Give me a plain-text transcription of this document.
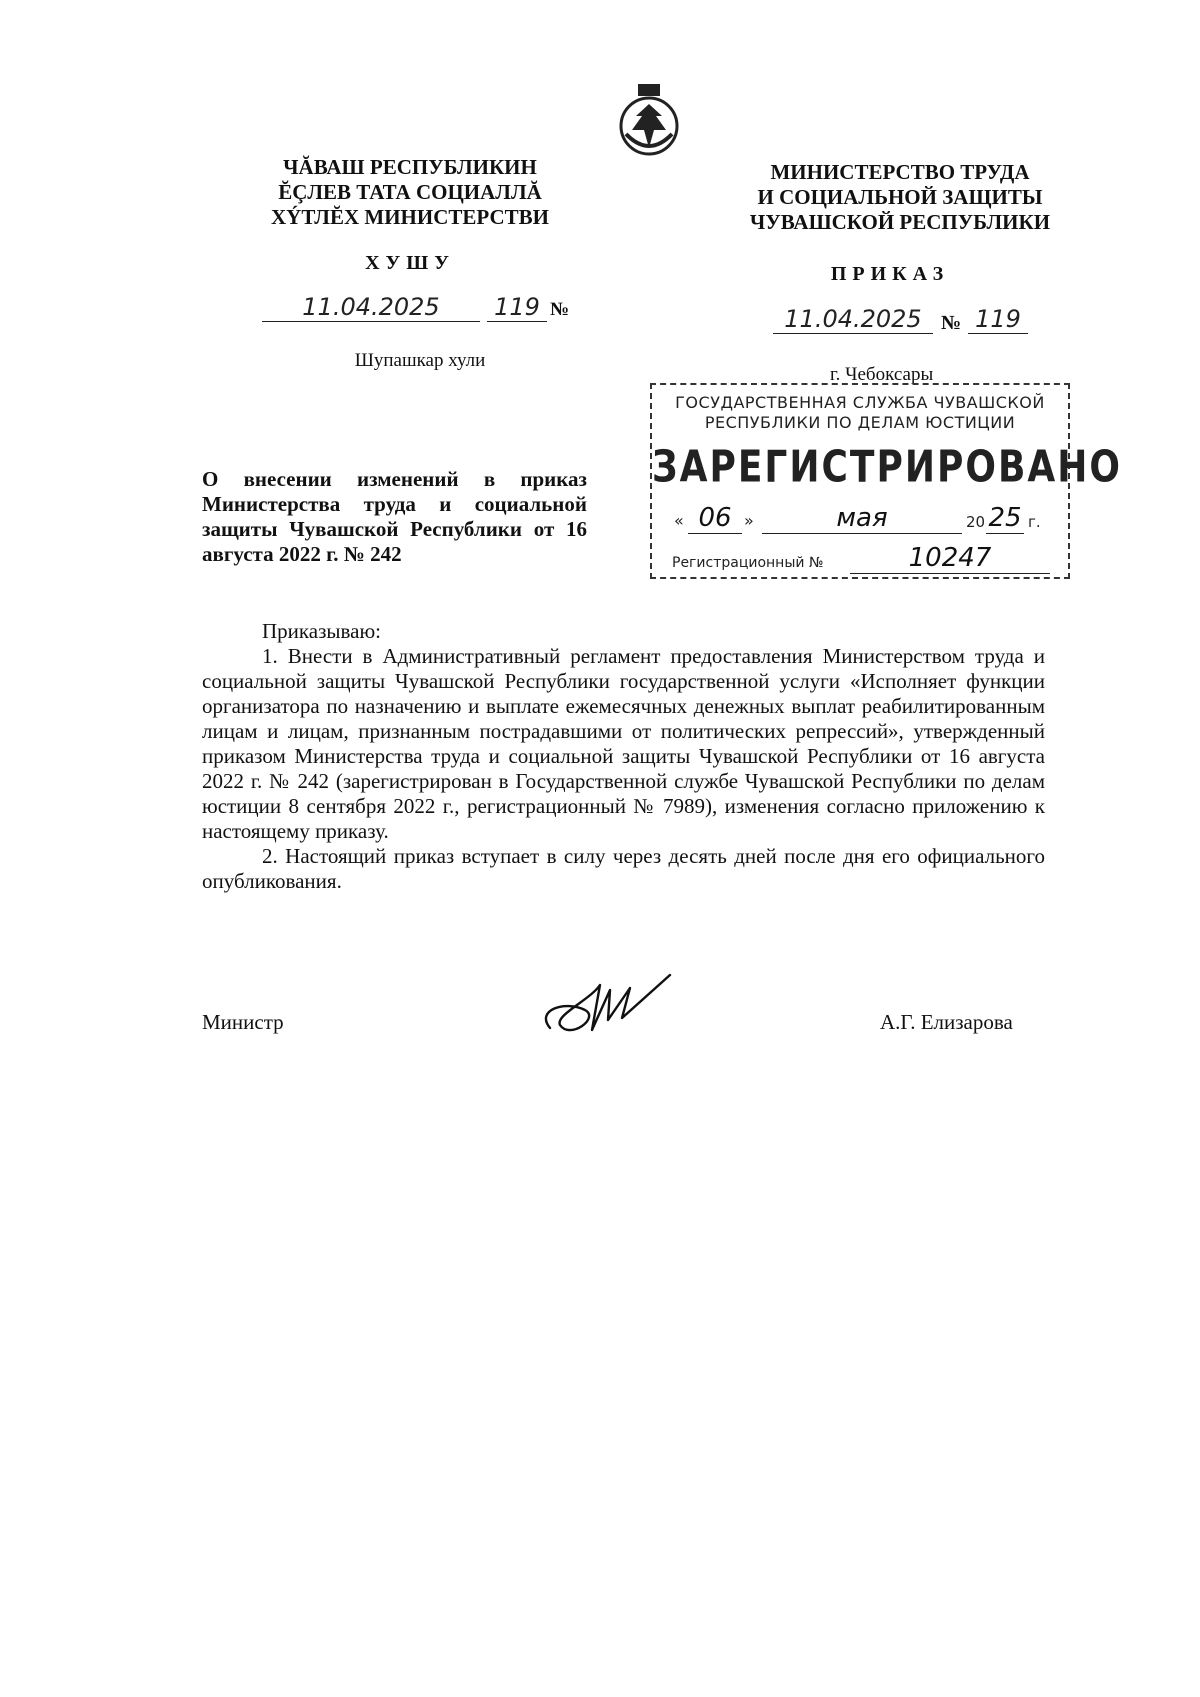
ЧĂВАШ РЕСПУБЛИКИН
ĔÇЛЕВ ТАТА СОЦИАЛЛĂ
ХÝТЛĔХ МИНИСТЕРСТВИ
ХУШУ
11.04.2025	119 №
Шупашкар хули
МИНИСТЕРСТВО ТРУДА
И СОЦИАЛЬНОЙ ЗАЩИТЫ
ЧУВАШСКОЙ РЕСПУБЛИКИ
ПРИКАЗ
11.04.2025 № 119
г. Чебоксары
ГОСУДАРСТВЕННАЯ СЛУЖБА ЧУВАШСКОЙ
РЕСПУБЛИКИ ПО ДЕЛАМ ЮСТИЦИИ
ЗАРЕГИСТРИРОВАНО
« 06 »	мая	20 25 г.
Регистрационный №	10247
О внесении изменений в приказ Министерства труда и социальной защиты Чувашской Республики от 16 августа 2022 г. № 242

Приказываю:

1. Внести в Административный регламент предоставления Министерством труда и социальной защиты Чувашской Республики государственной услуги «Исполняет функции организатора по назначению и выплате ежемесячных денежных выплат реабилитированным лицам и лицам, признанным пострадавшими от политических репрессий», утвержденный приказом Министерства труда и социальной защиты Чувашской Республики от 16 августа 2022 г. № 242 (зарегистрирован в Государственной службе Чувашской Республики по делам юстиции 8 сентября 2022 г., регистрационный № 7989), изменения согласно приложению к настоящему приказу.

2. Настоящий приказ вступает в силу через десять дней после дня его официального опубликования.

Министр	А.Г. Елизарова
